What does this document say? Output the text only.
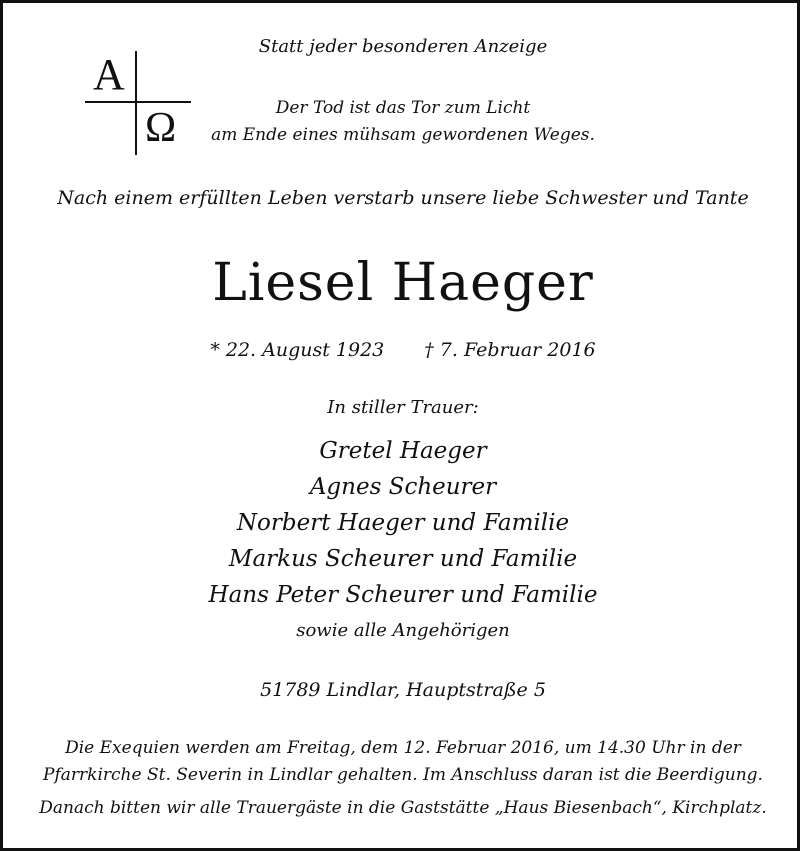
A
Ω
Statt jeder besonderen Anzeige
Der Tod ist das Tor zum Licht
am Ende eines mühsam gewordenen Weges.
Nach einem erfüllten Leben verstarb unsere liebe Schwester und Tante
Liesel Haeger
* 22. August 1923 † 7. Februar 2016
In stiller Trauer:
Gretel Haeger
Agnes Scheurer
Norbert Haeger und Familie
Markus Scheurer und Familie
Hans Peter Scheurer und Familie
sowie alle Angehörigen
51789 Lindlar, Hauptstraße 5
Die Exequien werden am Freitag, dem 12. Februar 2016, um 14.30 Uhr in der
Pfarrkirche St. Severin in Lindlar gehalten. Im Anschluss daran ist die Beerdigung.
Danach bitten wir alle Trauergäste in die Gaststätte „Haus Biesenbach“, Kirchplatz.
